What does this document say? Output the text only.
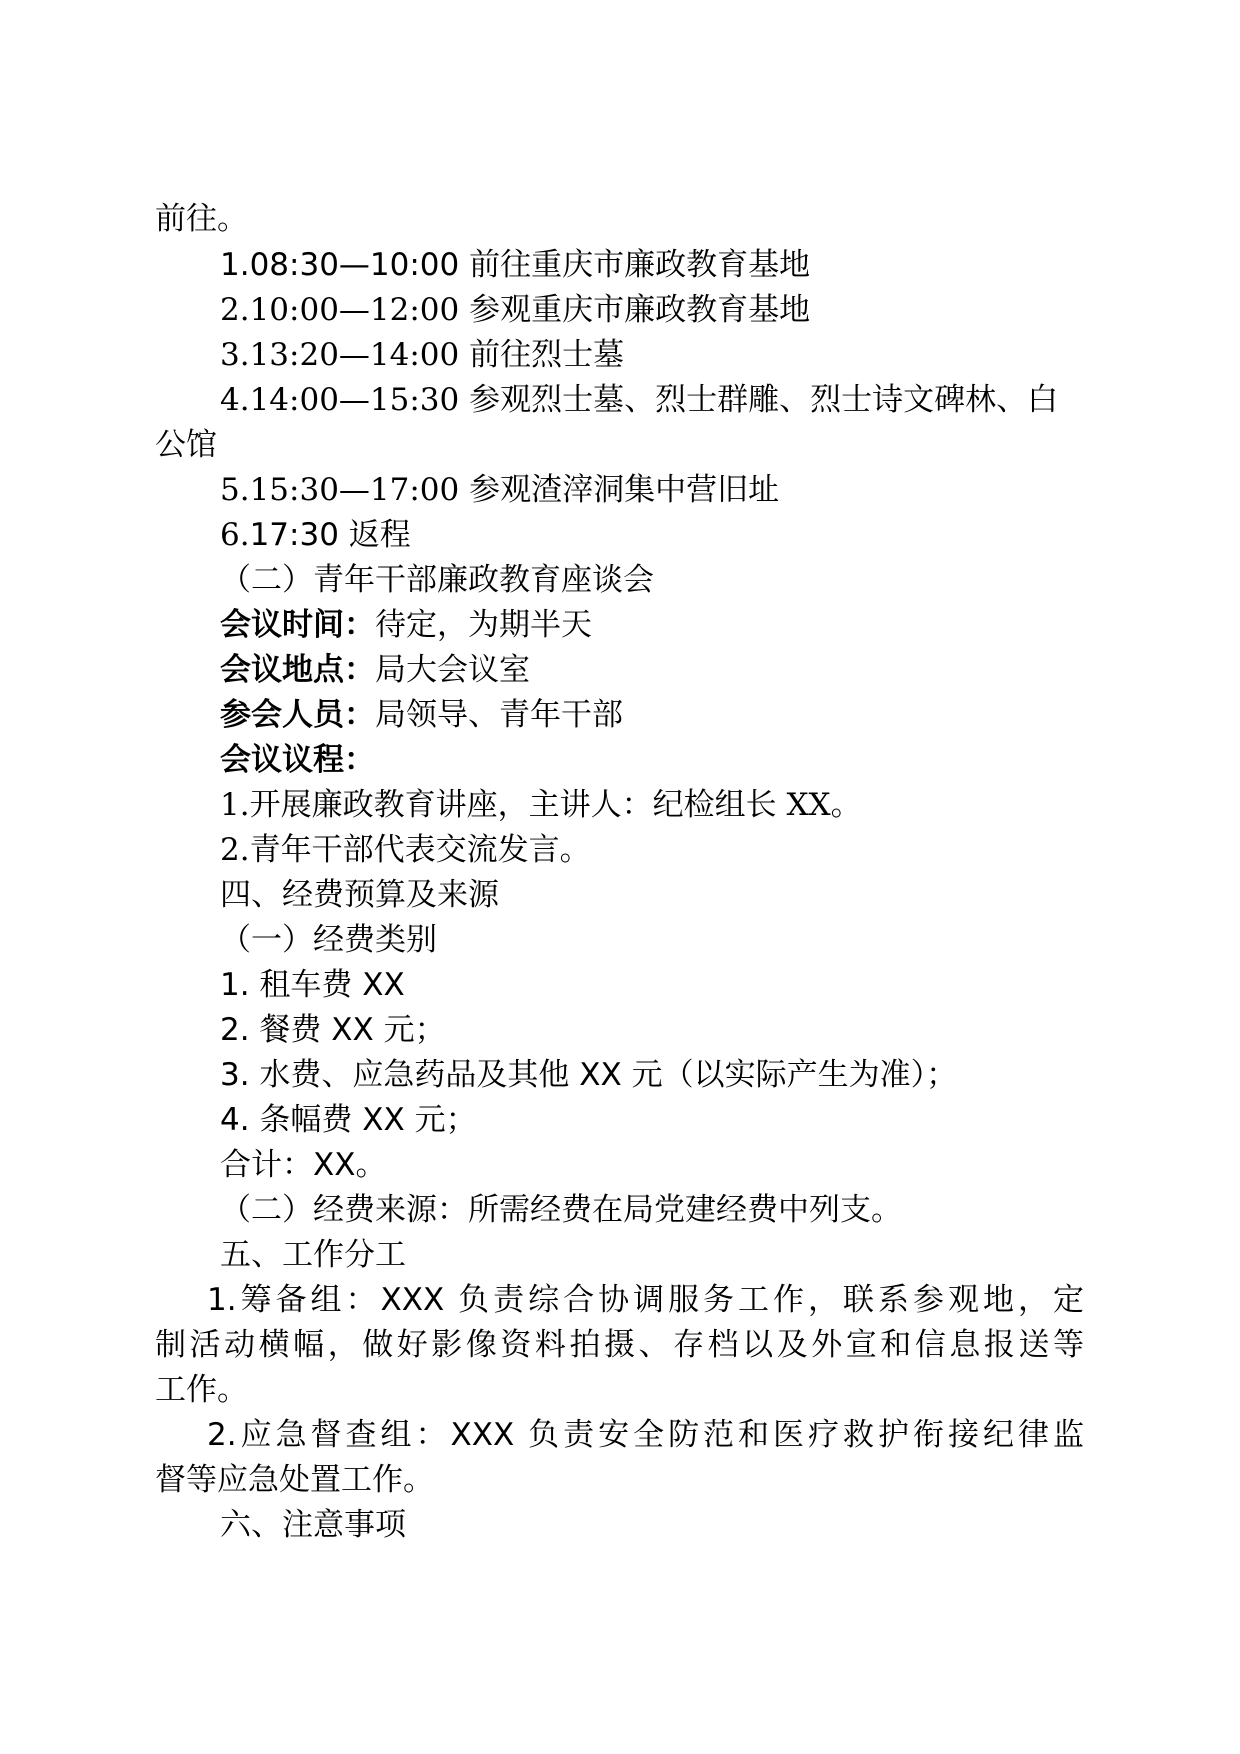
前往。
1.08:30—10:00 前往重庆市廉政教育基地
2.10:00—12:00 参观重庆市廉政教育基地
3.13:20—14:00 前往烈士墓
4.14:00—15:30 参观烈士墓、烈士群雕、烈士诗文碑林、白
公馆
5.15:30—17:00 参观渣滓洞集中营旧址
6.17:30 返程
（二）青年干部廉政教育座谈会
会议时间：待定，为期半天
会议地点：局大会议室
参会人员：局领导、青年干部
会议议程：
1.开展廉政教育讲座，主讲人：纪检组长 XX。
2.青年干部代表交流发言。
四、经费预算及来源
（一）经费类别
1. 租车费 XX
2. 餐费 XX 元；
3. 水费、应急药品及其他 XX 元（以实际产生为准）；
4. 条幅费 XX 元；
合计：XX。
（二）经费来源：所需经费在局党建经费中列支。
五、工作分工
1.筹备组：XXX 负责综合协调服务工作，联系参观地，定
制活动横幅，做好影像资料拍摄、存档以及外宣和信息报送等
工作。
2.应急督查组：XXX 负责安全防范和医疗救护衔接纪律监
督等应急处置工作。
六、注意事项
